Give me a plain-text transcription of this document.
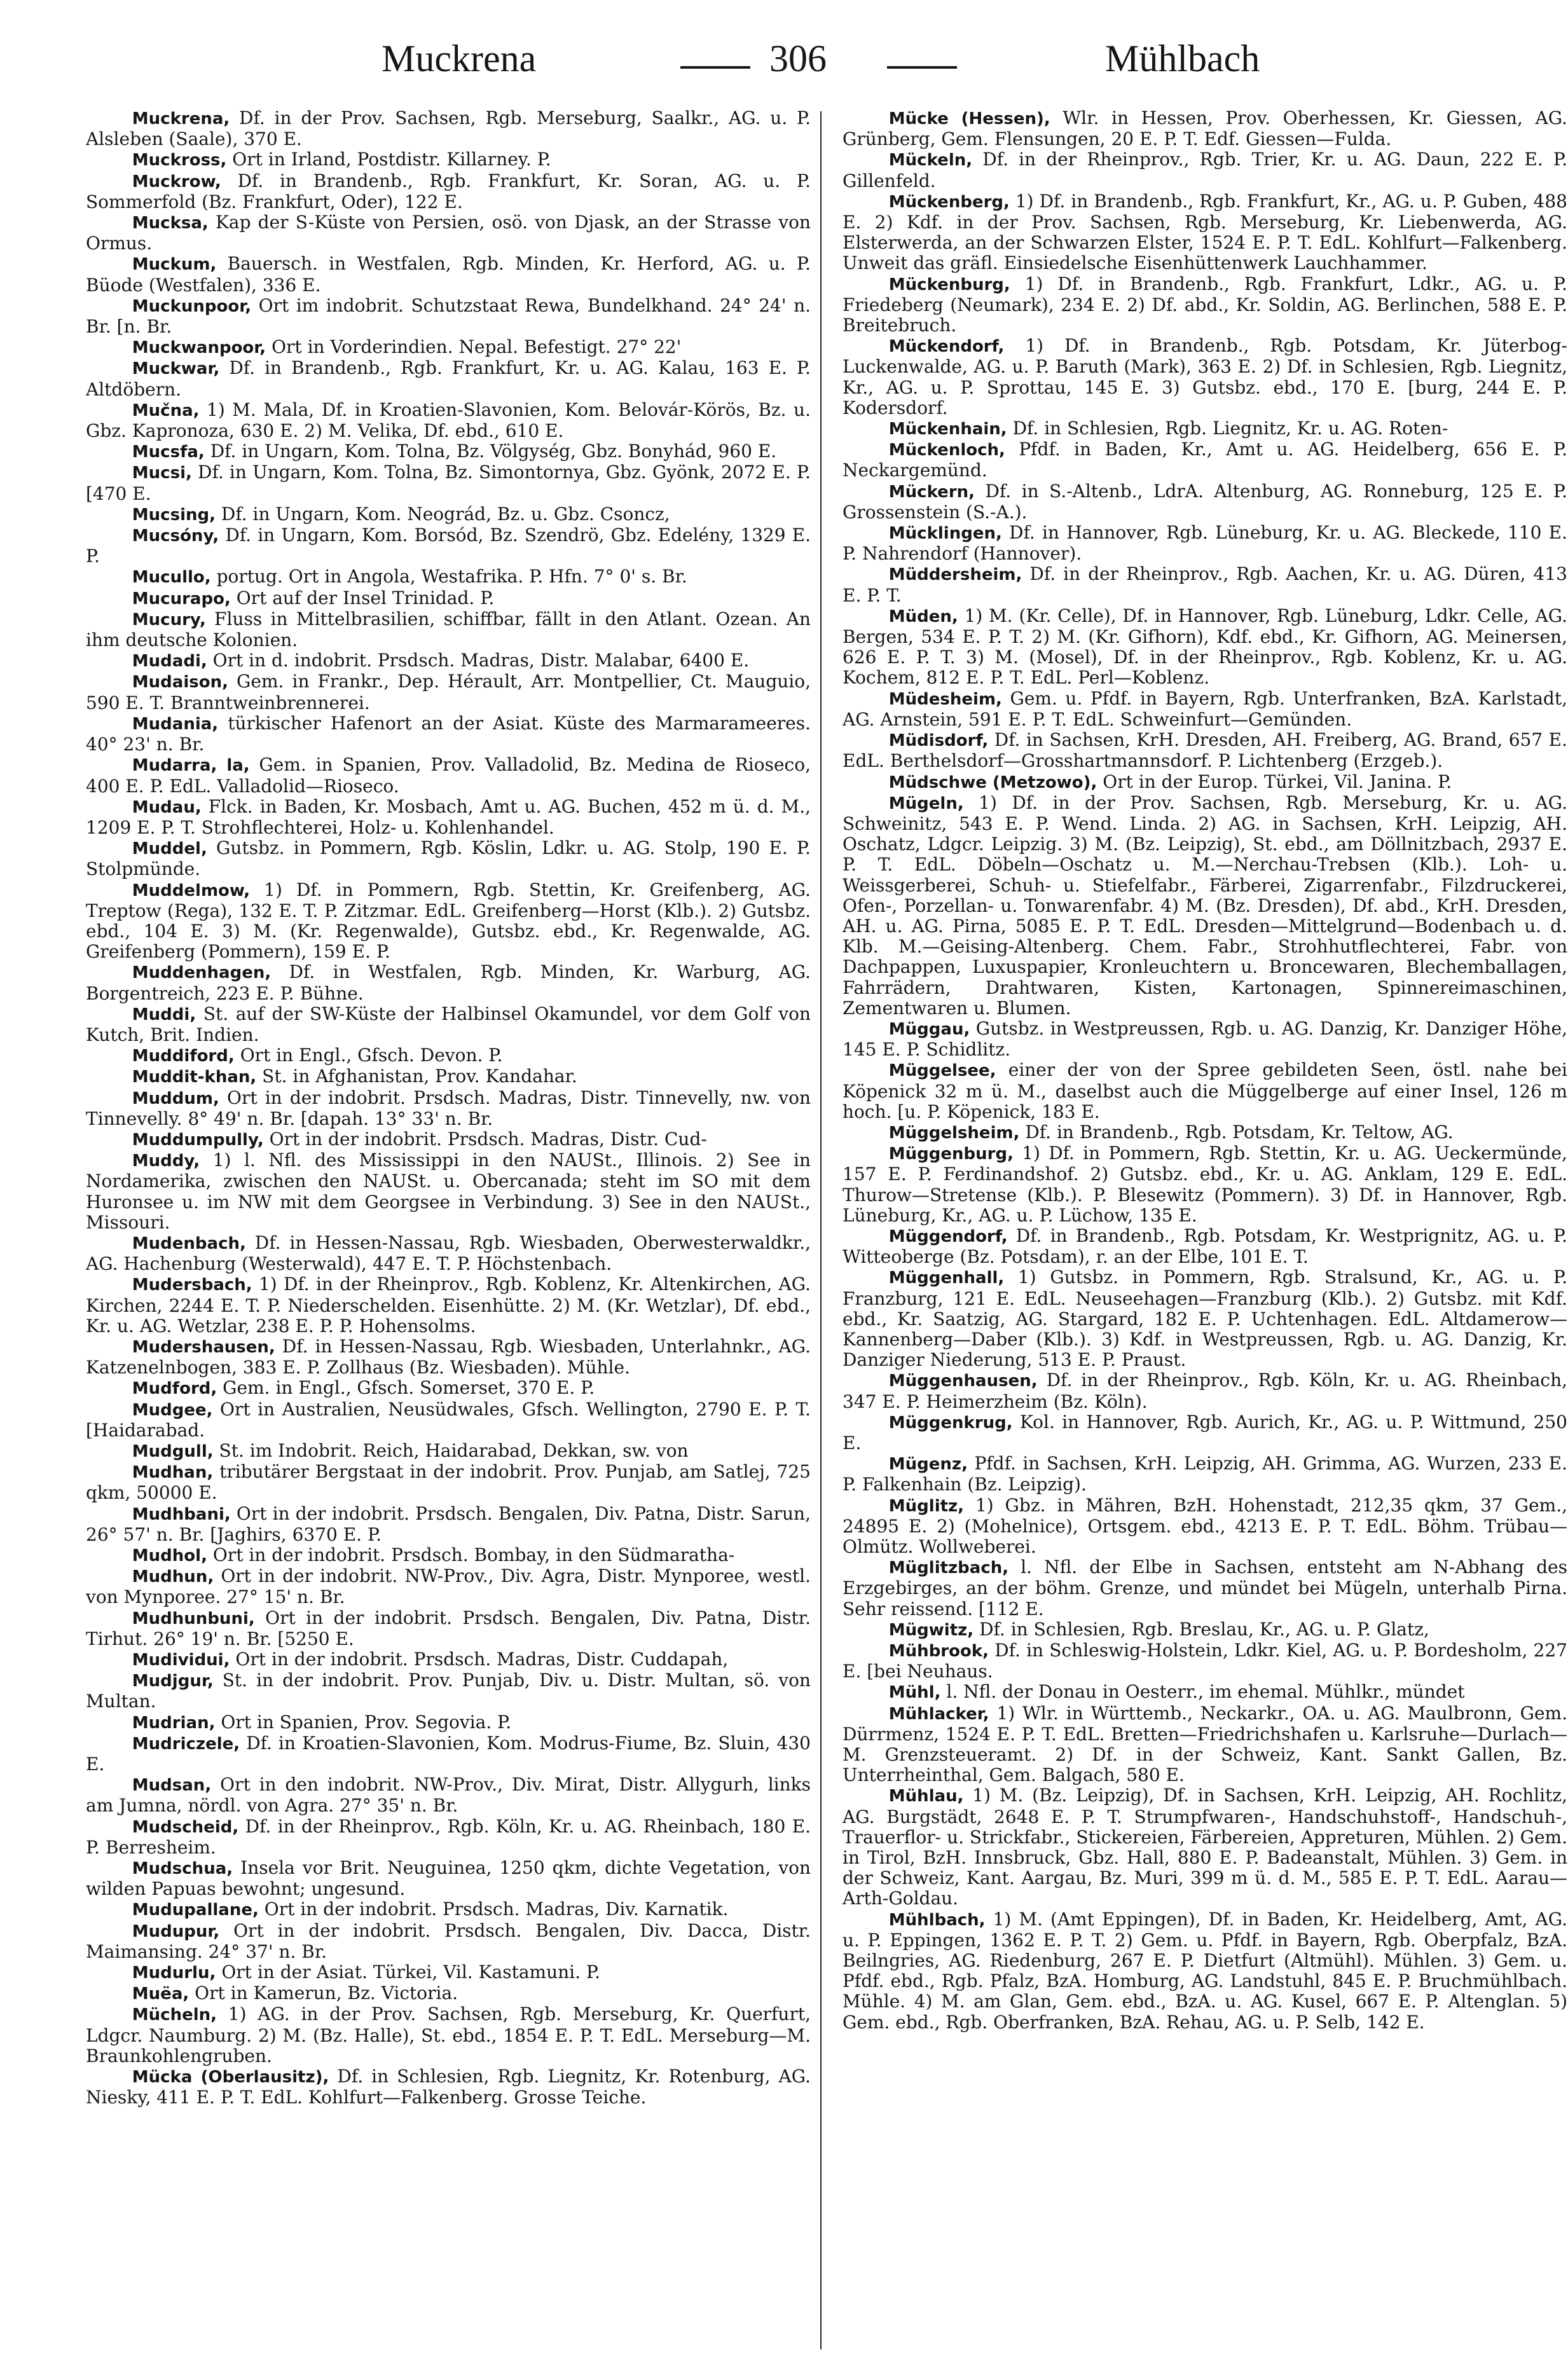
Muckrena	306	Mühlbach

Muckrena, Df. in der Prov. Sachsen, Rgb. Merseburg, Saalkr., AG. u. P. Alsleben (Saale), 370 E.

Muckross, Ort in Irland, Postdistr. Killarney. P.

Muckrow, Df. in Brandenb., Rgb. Frankfurt, Kr. Soran, AG. u. P. Sommerfold (Bz. Frankfurt, Oder), 122 E.

Mucksa, Kap der S-Küste von Persien, osö. von Djask, an der Strasse von Ormus.

Muckum, Bauersch. in Westfalen, Rgb. Minden, Kr. Herford, AG. u. P. Büode (Westfalen), 336 E.

Muckunpoor, Ort im indobrit. Schutzstaat Rewa, Bundelkhand. 24° 24' n. Br. [n. Br.

Muckwanpoor, Ort in Vorderindien. Nepal. Befestigt. 27° 22'

Muckwar, Df. in Brandenb., Rgb. Frankfurt, Kr. u. AG. Kalau, 163 E. P. Altdöbern.

Mučna, 1) M. Mala, Df. in Kroatien-Slavonien, Kom. Belovár-Körös, Bz. u. Gbz. Kapronoza, 630 E. 2) M. Velika, Df. ebd., 610 E.

Mucsfa, Df. in Ungarn, Kom. Tolna, Bz. Völgység, Gbz. Bonyhád, 960 E.

Mucsi, Df. in Ungarn, Kom. Tolna, Bz. Simontornya, Gbz. Gyönk, 2072 E. P. [470 E.

Mucsing, Df. in Ungarn, Kom. Neográd, Bz. u. Gbz. Csoncz,

Mucsóny, Df. in Ungarn, Kom. Borsód, Bz. Szendrö, Gbz. Edelény, 1329 E. P.

Mucullo, portug. Ort in Angola, Westafrika. P. Hfn. 7° 0' s. Br.

Mucurapo, Ort auf der Insel Trinidad. P.

Mucury, Fluss in Mittelbrasilien, schiffbar, fällt in den Atlant. Ozean. An ihm deutsche Kolonien.

Mudadi, Ort in d. indobrit. Prsdsch. Madras, Distr. Malabar, 6400 E.

Mudaison, Gem. in Frankr., Dep. Hérault, Arr. Montpellier, Ct. Mauguio, 590 E. T. Branntweinbrennerei.

Mudania, türkischer Hafenort an der Asiat. Küste des Marmarameeres. 40° 23' n. Br.

Mudarra, la, Gem. in Spanien, Prov. Valladolid, Bz. Medina de Rioseco, 400 E. P. EdL. Valladolid—Rioseco.

Mudau, Flck. in Baden, Kr. Mosbach, Amt u. AG. Buchen, 452 m ü. d. M., 1209 E. P. T. Strohflechterei, Holz- u. Kohlenhandel.

Muddel, Gutsbz. in Pommern, Rgb. Köslin, Ldkr. u. AG. Stolp, 190 E. P. Stolpmünde.

Muddelmow, 1) Df. in Pommern, Rgb. Stettin, Kr. Greifenberg, AG. Treptow (Rega), 132 E. T. P. Zitzmar. EdL. Greifenberg—Horst (Klb.). 2) Gutsbz. ebd., 104 E. 3) M. (Kr. Regenwalde), Gutsbz. ebd., Kr. Regenwalde, AG. Greifenberg (Pommern), 159 E. P.

Muddenhagen, Df. in Westfalen, Rgb. Minden, Kr. Warburg, AG. Borgentreich, 223 E. P. Bühne.

Muddi, St. auf der SW-Küste der Halbinsel Okamundel, vor dem Golf von Kutch, Brit. Indien.

Muddiford, Ort in Engl., Gfsch. Devon. P.

Muddit-khan, St. in Afghanistan, Prov. Kandahar.

Muddum, Ort in der indobrit. Prsdsch. Madras, Distr. Tinnevelly, nw. von Tinnevelly. 8° 49' n. Br. [dapah. 13° 33' n. Br.

Muddumpully, Ort in der indobrit. Prsdsch. Madras, Distr. Cud-

Muddy, 1) l. Nfl. des Mississippi in den NAUSt., Illinois. 2) See in Nordamerika, zwischen den NAUSt. u. Obercanada; steht im SO mit dem Huronsee u. im NW mit dem Georgsee in Verbindung. 3) See in den NAUSt., Missouri.

Mudenbach, Df. in Hessen-Nassau, Rgb. Wiesbaden, Oberwesterwaldkr., AG. Hachenburg (Westerwald), 447 E. T. P. Höchstenbach.

Mudersbach, 1) Df. in der Rheinprov., Rgb. Koblenz, Kr. Altenkirchen, AG. Kirchen, 2244 E. T. P. Niederschelden. Eisenhütte. 2) M. (Kr. Wetzlar), Df. ebd., Kr. u. AG. Wetzlar, 238 E. P. P. Hohensolms.

Mudershausen, Df. in Hessen-Nassau, Rgb. Wiesbaden, Unterlahnkr., AG. Katzenelnbogen, 383 E. P. Zollhaus (Bz. Wiesbaden). Mühle.

Mudford, Gem. in Engl., Gfsch. Somerset, 370 E. P.

Mudgee, Ort in Australien, Neusüdwales, Gfsch. Wellington, 2790 E. P. T. [Haidarabad.

Mudgull, St. im Indobrit. Reich, Haidarabad, Dekkan, sw. von

Mudhan, tributärer Bergstaat in der indobrit. Prov. Punjab, am Satlej, 725 qkm, 50000 E.

Mudhbani, Ort in der indobrit. Prsdsch. Bengalen, Div. Patna, Distr. Sarun, 26° 57' n. Br. [Jaghirs, 6370 E. P.

Mudhol, Ort in der indobrit. Prsdsch. Bombay, in den Südmaratha-

Mudhun, Ort in der indobrit. NW-Prov., Div. Agra, Distr. Mynporee, westl. von Mynporee. 27° 15' n. Br.

Mudhunbuni, Ort in der indobrit. Prsdsch. Bengalen, Div. Patna, Distr. Tirhut. 26° 19' n. Br. [5250 E.

Mudividui, Ort in der indobrit. Prsdsch. Madras, Distr. Cuddapah,

Mudjgur, St. in der indobrit. Prov. Punjab, Div. u. Distr. Multan, sö. von Multan.

Mudrian, Ort in Spanien, Prov. Segovia. P.

Mudriczele, Df. in Kroatien-Slavonien, Kom. Modrus-Fiume, Bz. Sluin, 430 E.

Mudsan, Ort in den indobrit. NW-Prov., Div. Mirat, Distr. Allygurh, links am Jumna, nördl. von Agra. 27° 35' n. Br.

Mudscheid, Df. in der Rheinprov., Rgb. Köln, Kr. u. AG. Rheinbach, 180 E. P. Berresheim.

Mudschua, Insela vor Brit. Neuguinea, 1250 qkm, dichte Vegetation, von wilden Papuas bewohnt; ungesund.

Mudupallane, Ort in der indobrit. Prsdsch. Madras, Div. Karnatik.

Mudupur, Ort in der indobrit. Prsdsch. Bengalen, Div. Dacca, Distr. Maimansing. 24° 37' n. Br.

Mudurlu, Ort in der Asiat. Türkei, Vil. Kastamuni. P.

Muëa, Ort in Kamerun, Bz. Victoria.

Mücheln, 1) AG. in der Prov. Sachsen, Rgb. Merseburg, Kr. Querfurt, Ldgcr. Naumburg. 2) M. (Bz. Halle), St. ebd., 1854 E. P. T. EdL. Merseburg—M. Braunkohlengruben.

Mücka (Oberlausitz), Df. in Schlesien, Rgb. Liegnitz, Kr. Rotenburg, AG. Niesky, 411 E. P. T. EdL. Kohlfurt—Falkenberg. Grosse Teiche.

Mücke (Hessen), Wlr. in Hessen, Prov. Oberhessen, Kr. Giessen, AG. Grünberg, Gem. Flensungen, 20 E. P. T. Edf. Giessen—Fulda.

Mückeln, Df. in der Rheinprov., Rgb. Trier, Kr. u. AG. Daun, 222 E. P. Gillenfeld.

Mückenberg, 1) Df. in Brandenb., Rgb. Frankfurt, Kr., AG. u. P. Guben, 488 E. 2) Kdf. in der Prov. Sachsen, Rgb. Merseburg, Kr. Liebenwerda, AG. Elsterwerda, an der Schwarzen Elster, 1524 E. P. T. EdL. Kohlfurt—Falkenberg. Unweit das gräfl. Einsiedelsche Eisenhüttenwerk Lauchhammer.

Mückenburg, 1) Df. in Brandenb., Rgb. Frankfurt, Ldkr., AG. u. P. Friedeberg (Neumark), 234 E. 2) Df. abd., Kr. Soldin, AG. Berlinchen, 588 E. P. Breitebruch.

Mückendorf, 1) Df. in Brandenb., Rgb. Potsdam, Kr. Jüterbog-Luckenwalde, AG. u. P. Baruth (Mark), 363 E. 2) Df. in Schlesien, Rgb. Liegnitz, Kr., AG. u. P. Sprottau, 145 E. 3) Gutsbz. ebd., 170 E. [burg, 244 E. P. Kodersdorf.

Mückenhain, Df. in Schlesien, Rgb. Liegnitz, Kr. u. AG. Roten-

Mückenloch, Pfdf. in Baden, Kr., Amt u. AG. Heidelberg, 656 E. P. Neckargemünd.

Mückern, Df. in S.-Altenb., LdrA. Altenburg, AG. Ronneburg, 125 E. P. Grossenstein (S.-A.).

Mücklingen, Df. in Hannover, Rgb. Lüneburg, Kr. u. AG. Bleckede, 110 E. P. Nahrendorf (Hannover).

Müddersheim, Df. in der Rheinprov., Rgb. Aachen, Kr. u. AG. Düren, 413 E. P. T.

Müden, 1) M. (Kr. Celle), Df. in Hannover, Rgb. Lüneburg, Ldkr. Celle, AG. Bergen, 534 E. P. T. 2) M. (Kr. Gifhorn), Kdf. ebd., Kr. Gifhorn, AG. Meinersen, 626 E. P. T. 3) M. (Mosel), Df. in der Rheinprov., Rgb. Koblenz, Kr. u. AG. Kochem, 812 E. P. T. EdL. Perl—Koblenz.

Müdesheim, Gem. u. Pfdf. in Bayern, Rgb. Unterfranken, BzA. Karlstadt, AG. Arnstein, 591 E. P. T. EdL. Schweinfurt—Gemünden.

Müdisdorf, Df. in Sachsen, KrH. Dresden, AH. Freiberg, AG. Brand, 657 E. EdL. Berthelsdorf—Grosshartmannsdorf. P. Lichtenberg (Erzgeb.).

Müdschwe (Metzowo), Ort in der Europ. Türkei, Vil. Janina. P.

Mügeln, 1) Df. in der Prov. Sachsen, Rgb. Merseburg, Kr. u. AG. Schweinitz, 543 E. P. Wend. Linda. 2) AG. in Sachsen, KrH. Leipzig, AH. Oschatz, Ldgcr. Leipzig. 3) M. (Bz. Leipzig), St. ebd., am Döllnitzbach, 2937 E. P. T. EdL. Döbeln—Oschatz u. M.—Nerchau-Trebsen (Klb.). Loh- u. Weissgerberei, Schuh- u. Stiefelfabr., Färberei, Zigarrenfabr., Filzdruckerei, Ofen-, Porzellan- u. Tonwarenfabr. 4) M. (Bz. Dresden), Df. abd., KrH. Dresden, AH. u. AG. Pirna, 5085 E. P. T. EdL. Dresden—Mittelgrund—Bodenbach u. d. Klb. M.—Geising-Altenberg. Chem. Fabr., Strohhutflechterei, Fabr. von Dachpappen, Luxuspapier, Kronleuchtern u. Broncewaren, Blechemballagen, Fahrrädern, Drahtwaren, Kisten, Kartonagen, Spinnereimaschinen, Zementwaren u. Blumen.

Müggau, Gutsbz. in Westpreussen, Rgb. u. AG. Danzig, Kr. Danziger Höhe, 145 E. P. Schidlitz.

Müggelsee, einer der von der Spree gebildeten Seen, östl. nahe bei Köpenick 32 m ü. M., daselbst auch die Müggelberge auf einer Insel, 126 m hoch. [u. P. Köpenick, 183 E.

Müggelsheim, Df. in Brandenb., Rgb. Potsdam, Kr. Teltow, AG.

Müggenburg, 1) Df. in Pommern, Rgb. Stettin, Kr. u. AG. Ueckermünde, 157 E. P. Ferdinandshof. 2) Gutsbz. ebd., Kr. u. AG. Anklam, 129 E. EdL. Thurow—Stretense (Klb.). P. Blesewitz (Pommern). 3) Df. in Hannover, Rgb. Lüneburg, Kr., AG. u. P. Lüchow, 135 E.

Müggendorf, Df. in Brandenb., Rgb. Potsdam, Kr. Westprignitz, AG. u. P. Witteoberge (Bz. Potsdam), r. an der Elbe, 101 E. T.

Müggenhall, 1) Gutsbz. in Pommern, Rgb. Stralsund, Kr., AG. u. P. Franzburg, 121 E. EdL. Neuseehagen—Franzburg (Klb.). 2) Gutsbz. mit Kdf. ebd., Kr. Saatzig, AG. Stargard, 182 E. P. Uchtenhagen. EdL. Altdamerow—Kannenberg—Daber (Klb.). 3) Kdf. in Westpreussen, Rgb. u. AG. Danzig, Kr. Danziger Niederung, 513 E. P. Praust.

Müggenhausen, Df. in der Rheinprov., Rgb. Köln, Kr. u. AG. Rheinbach, 347 E. P. Heimerzheim (Bz. Köln).

Müggenkrug, Kol. in Hannover, Rgb. Aurich, Kr., AG. u. P. Wittmund, 250 E.

Mügenz, Pfdf. in Sachsen, KrH. Leipzig, AH. Grimma, AG. Wurzen, 233 E. P. Falkenhain (Bz. Leipzig).

Müglitz, 1) Gbz. in Mähren, BzH. Hohenstadt, 212,35 qkm, 37 Gem., 24895 E. 2) (Mohelnice), Ortsgem. ebd., 4213 E. P. T. EdL. Böhm. Trübau—Olmütz. Wollweberei.

Müglitzbach, l. Nfl. der Elbe in Sachsen, entsteht am N-Abhang des Erzgebirges, an der böhm. Grenze, und mündet bei Mügeln, unterhalb Pirna. Sehr reissend. [112 E.

Mügwitz, Df. in Schlesien, Rgb. Breslau, Kr., AG. u. P. Glatz,

Mühbrook, Df. in Schleswig-Holstein, Ldkr. Kiel, AG. u. P. Bordesholm, 227 E. [bei Neuhaus.

Mühl, l. Nfl. der Donau in Oesterr., im ehemal. Mühlkr., mündet

Mühlacker, 1) Wlr. in Württemb., Neckarkr., OA. u. AG. Maulbronn, Gem. Dürrmenz, 1524 E. P. T. EdL. Bretten—Friedrichshafen u. Karlsruhe—Durlach—M. Grenzsteueramt. 2) Df. in der Schweiz, Kant. Sankt Gallen, Bz. Unterrheinthal, Gem. Balgach, 580 E.

Mühlau, 1) M. (Bz. Leipzig), Df. in Sachsen, KrH. Leipzig, AH. Rochlitz, AG. Burgstädt, 2648 E. P. T. Strumpfwaren-, Handschuhstoff-, Handschuh-, Trauerflor- u. Strickfabr., Stickereien, Färbereien, Appreturen, Mühlen. 2) Gem. in Tirol, BzH. Innsbruck, Gbz. Hall, 880 E. P. Badeanstalt, Mühlen. 3) Gem. in der Schweiz, Kant. Aargau, Bz. Muri, 399 m ü. d. M., 585 E. P. T. EdL. Aarau—Arth-Goldau.

Mühlbach, 1) M. (Amt Eppingen), Df. in Baden, Kr. Heidelberg, Amt, AG. u. P. Eppingen, 1362 E. P. T. 2) Gem. u. Pfdf. in Bayern, Rgb. Oberpfalz, BzA. Beilngries, AG. Riedenburg, 267 E. P. Dietfurt (Altmühl). Mühlen. 3) Gem. u. Pfdf. ebd., Rgb. Pfalz, BzA. Homburg, AG. Landstuhl, 845 E. P. Bruchmühlbach. Mühle. 4) M. am Glan, Gem. ebd., BzA. u. AG. Kusel, 667 E. P. Altenglan. 5) Gem. ebd., Rgb. Oberfranken, BzA. Rehau, AG. u. P. Selb, 142 E.
